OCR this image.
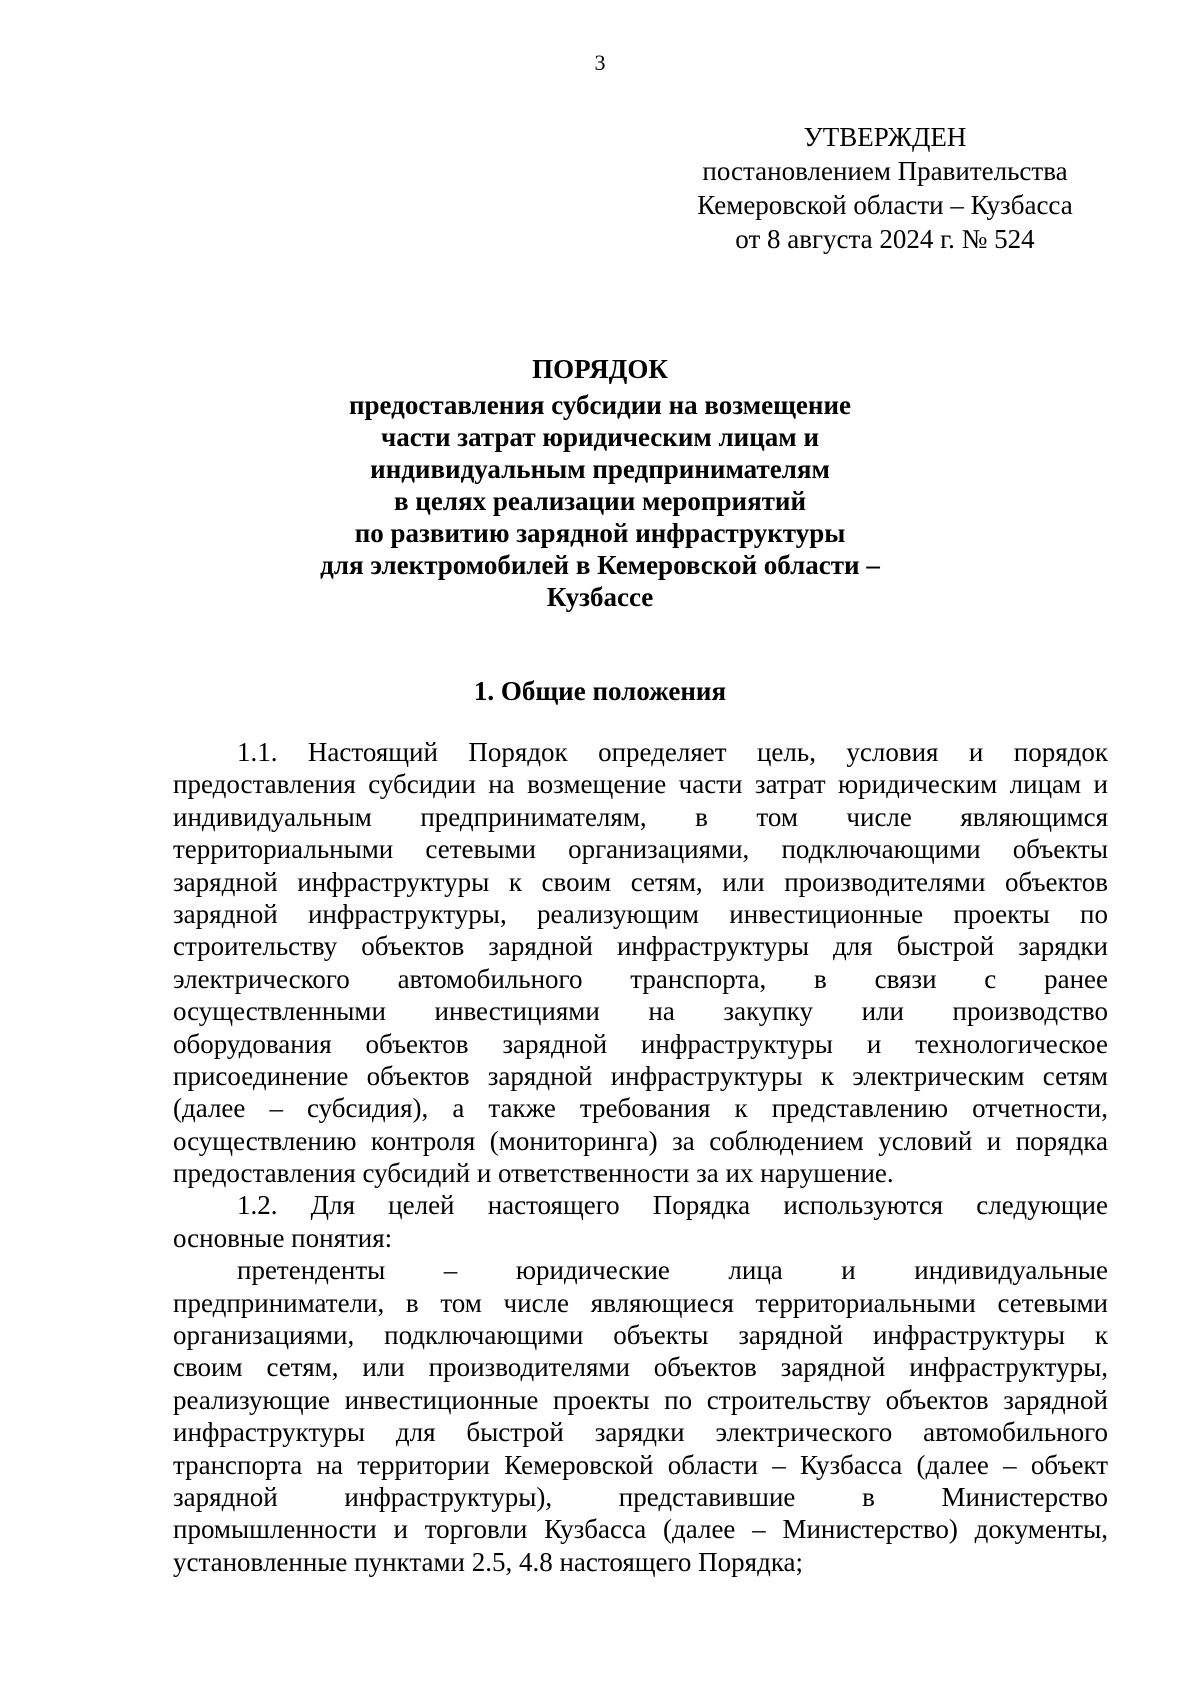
3
УТВЕРЖДЕН
постановлением Правительства
Кемеровской области – Кузбасса
от 8 августа 2024 г. № 524
ПОРЯДОК
предоставления субсидии на возмещение
части затрат юридическим лицам и
индивидуальным предпринимателям
в целях реализации мероприятий
по развитию зарядной инфраструктуры
для электромобилей в Кемеровской области –
Кузбассе
1. Общие положения
1.1. Настоящий Порядок определяет цель, условия и порядок
предоставления субсидии на возмещение части затрат юридическим лицам и
индивидуальным предпринимателям, в том числе являющимся
территориальными сетевыми организациями, подключающими объекты
зарядной инфраструктуры к своим сетям, или производителями объектов
зарядной инфраструктуры, реализующим инвестиционные проекты по
строительству объектов зарядной инфраструктуры для быстрой зарядки
электрического автомобильного транспорта, в связи с ранее
осуществленными инвестициями на закупку или производство
оборудования объектов зарядной инфраструктуры и технологическое
присоединение объектов зарядной инфраструктуры к электрическим сетям
(далее – субсидия), а также требования к представлению отчетности,
осуществлению контроля (мониторинга) за соблюдением условий и порядка
предоставления субсидий и ответственности за их нарушение.
1.2. Для целей настоящего Порядка используются следующие
основные понятия:
претенденты – юридические лица и индивидуальные
предприниматели, в том числе являющиеся территориальными сетевыми
организациями, подключающими объекты зарядной инфраструктуры к
своим сетям, или производителями объектов зарядной инфраструктуры,
реализующие инвестиционные проекты по строительству объектов зарядной
инфраструктуры для быстрой зарядки электрического автомобильного
транспорта на территории Кемеровской области – Кузбасса (далее – объект
зарядной инфраструктуры), представившие в Министерство
промышленности и торговли Кузбасса (далее – Министерство) документы,
установленные пунктами 2.5, 4.8 настоящего Порядка;
